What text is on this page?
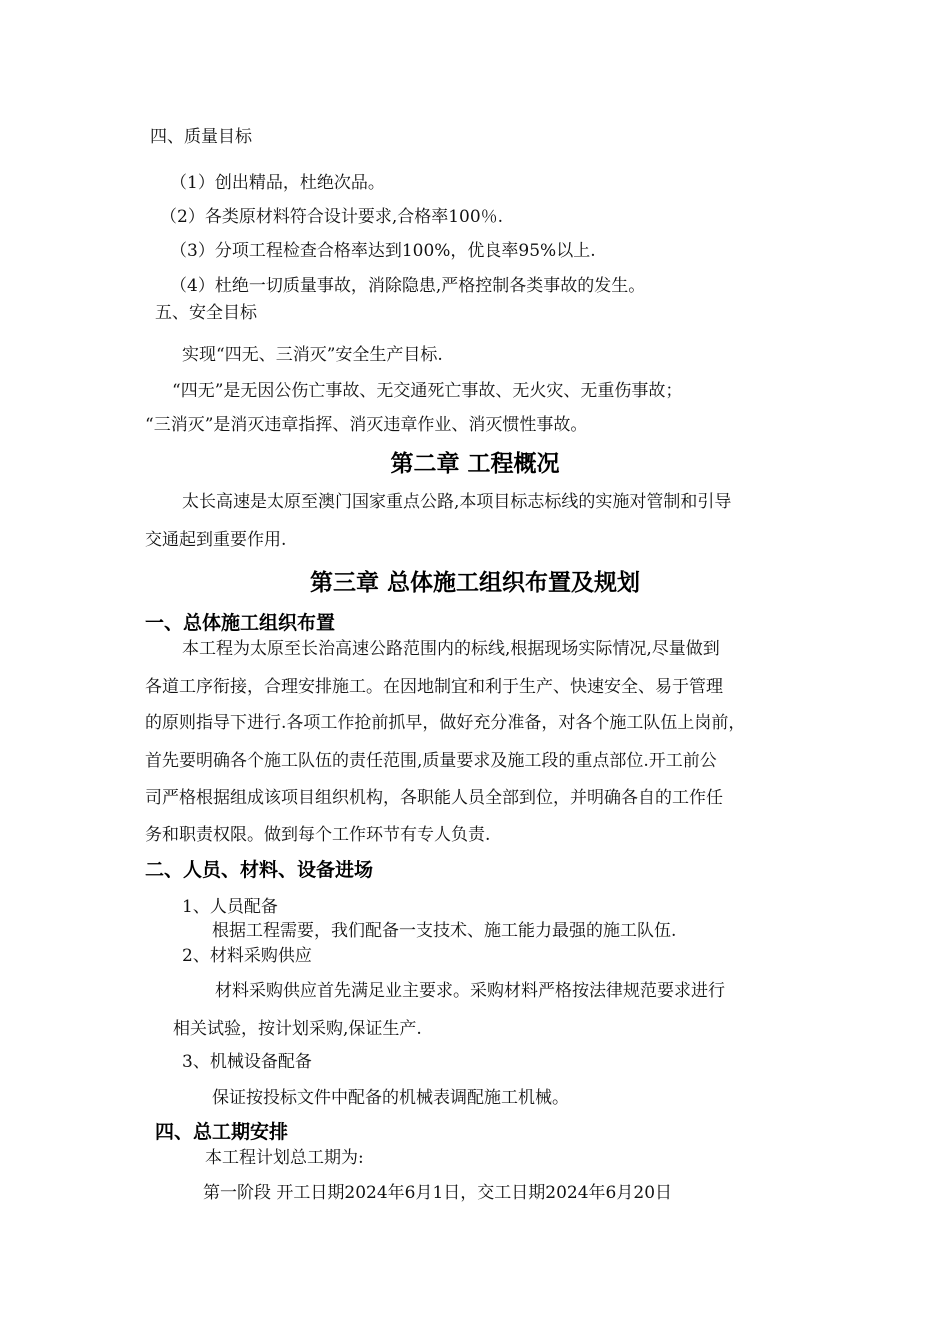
四、质量目标
（1）创出精品，杜绝次品。
（2）各类原材料符合设计要求,合格率100％.
（3）分项工程检查合格率达到100%，优良率95%以上.
（4）杜绝一切质量事故，消除隐患,严格控制各类事故的发生。
五、安全目标
实现“四无、三消灭”安全生产目标.
“四无”是无因公伤亡事故、无交通死亡事故、无火灾、无重伤事故；
“三消灭”是消灭违章指挥、消灭违章作业、消灭惯性事故。
第二章 工程概况
太长高速是太原至澳门国家重点公路,本项目标志标线的实施对管制和引导
交通起到重要作用.
第三章 总体施工组织布置及规划
一、总体施工组织布置
本工程为太原至长治高速公路范围内的标线,根据现场实际情况,尽量做到
各道工序衔接，合理安排施工。在因地制宜和利于生产、快速安全、易于管理
的原则指导下进行.各项工作抢前抓早，做好充分准备，对各个施工队伍上岗前，
首先要明确各个施工队伍的责任范围,质量要求及施工段的重点部位.开工前公
司严格根据组成该项目组织机构，各职能人员全部到位，并明确各自的工作任
务和职责权限。做到每个工作环节有专人负责.
二、人员、材料、设备进场
1、人员配备
根据工程需要，我们配备一支技术、施工能力最强的施工队伍.
2、材料采购供应
材料采购供应首先满足业主要求。采购材料严格按法律规范要求进行
相关试验，按计划采购,保证生产.
3、机械设备配备
保证按投标文件中配备的机械表调配施工机械。
四、总工期安排
本工程计划总工期为:
第一阶段 开工日期2024年6月1日，交工日期2024年6月20日
